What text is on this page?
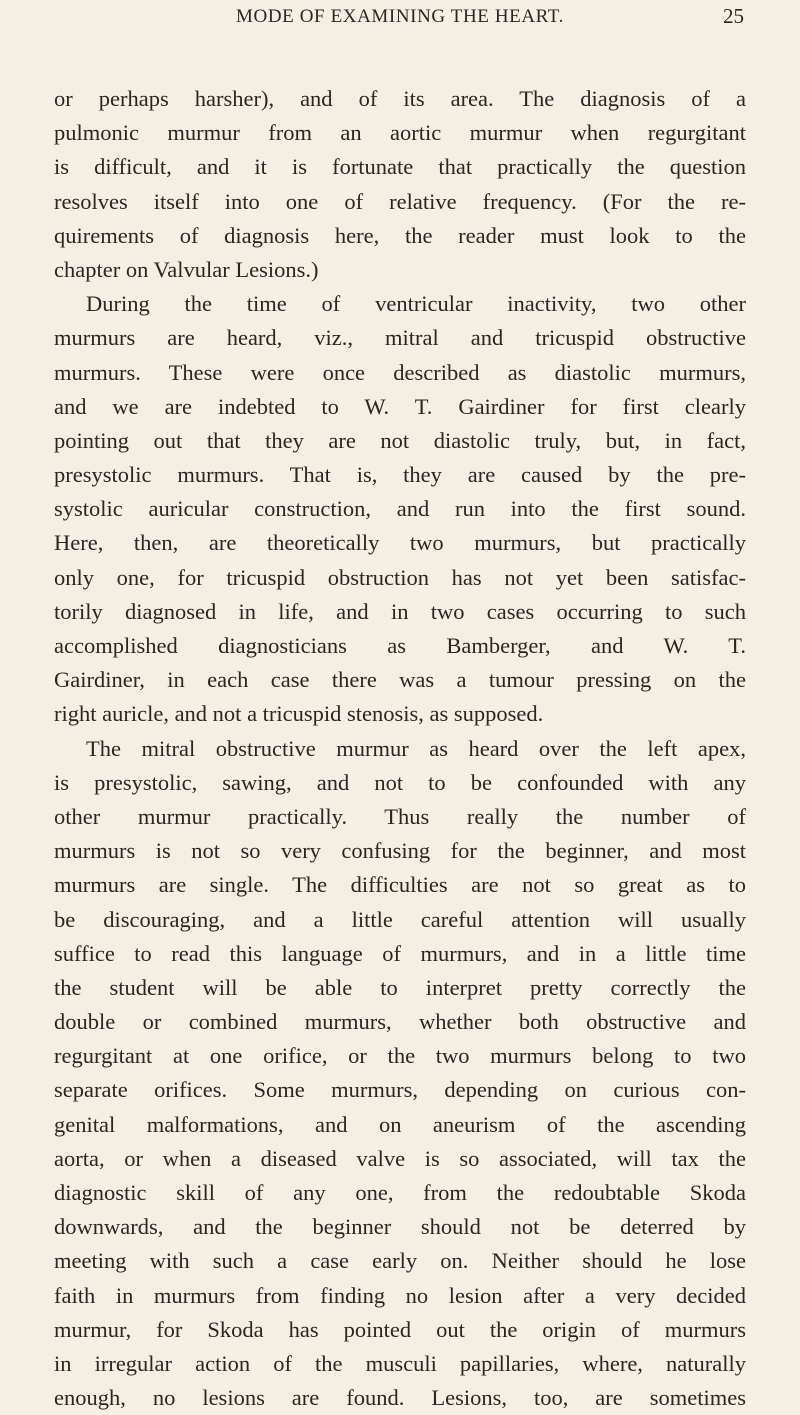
MODE OF EXAMINING THE HEART.	25
or perhaps harsher), and of its area. The diagnosis of a
pulmonic murmur from an aortic murmur when regurgitant
is difficult, and it is fortunate that practically the question
resolves itself into one of relative frequency. (For the re-
quirements of diagnosis here, the reader must look to the
chapter on Valvular Lesions.)
During the time of ventricular inactivity, two other
murmurs are heard, viz., mitral and tricuspid obstructive
murmurs. These were once described as diastolic murmurs,
and we are indebted to W. T. Gairdiner for first clearly
pointing out that they are not diastolic truly, but, in fact,
presystolic murmurs. That is, they are caused by the pre-
systolic auricular construction, and run into the first sound.
Here, then, are theoretically two murmurs, but practically
only one, for tricuspid obstruction has not yet been satisfac-
torily diagnosed in life, and in two cases occurring to such
accomplished diagnosticians as Bamberger, and W. T.
Gairdiner, in each case there was a tumour pressing on the
right auricle, and not a tricuspid stenosis, as supposed.
The mitral obstructive murmur as heard over the left apex,
is presystolic, sawing, and not to be confounded with any
other murmur practically. Thus really the number of
murmurs is not so very confusing for the beginner, and most
murmurs are single. The difficulties are not so great as to
be discouraging, and a little careful attention will usually
suffice to read this language of murmurs, and in a little time
the student will be able to interpret pretty correctly the
double or combined murmurs, whether both obstructive and
regurgitant at one orifice, or the two murmurs belong to two
separate orifices. Some murmurs, depending on curious con-
genital malformations, and on aneurism of the ascending
aorta, or when a diseased valve is so associated, will tax the
diagnostic skill of any one, from the redoubtable Skoda
downwards, and the beginner should not be deterred by
meeting with such a case early on. Neither should he lose
faith in murmurs from finding no lesion after a very decided
murmur, for Skoda has pointed out the origin of murmurs
in irregular action of the musculi papillaries, where, naturally
enough, no lesions are found. Lesions, too, are sometimes
